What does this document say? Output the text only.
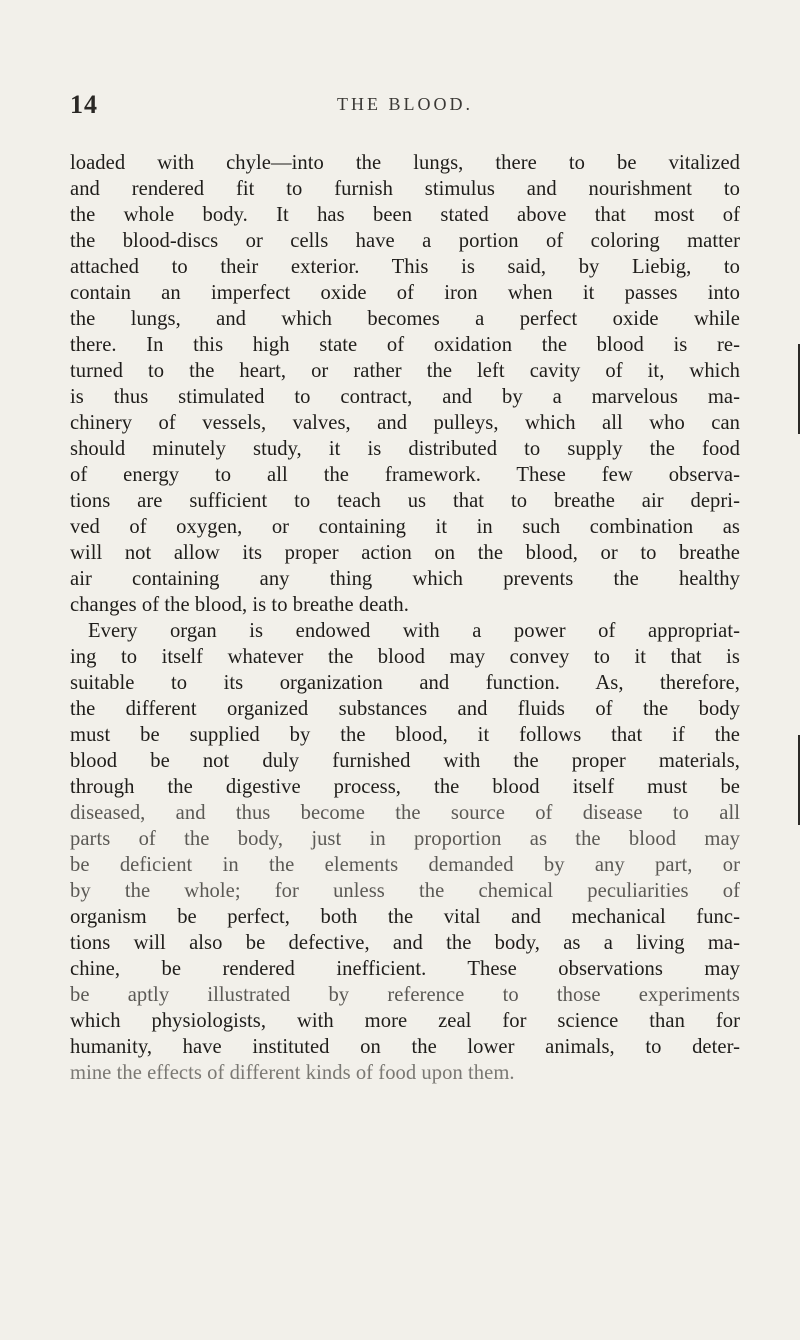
14	THE BLOOD.
loaded with chyle—into the lungs, there to be vitalized
and rendered fit to furnish stimulus and nourishment to
the whole body. It has been stated above that most of
the blood-discs or cells have a portion of coloring matter
attached to their exterior. This is said, by Liebig, to
contain an imperfect oxide of iron when it passes into
the lungs, and which becomes a perfect oxide while
there. In this high state of oxidation the blood is re-
turned to the heart, or rather the left cavity of it, which
is thus stimulated to contract, and by a marvelous ma-
chinery of vessels, valves, and pulleys, which all who can
should minutely study, it is distributed to supply the food
of energy to all the framework. These few observa-
tions are sufficient to teach us that to breathe air depri-
ved of oxygen, or containing it in such combination as
will not allow its proper action on the blood, or to breathe
air containing any thing which prevents the healthy
changes of the blood, is to breathe death.
Every organ is endowed with a power of appropriat-
ing to itself whatever the blood may convey to it that is
suitable to its organization and function. As, therefore,
the different organized substances and fluids of the body
must be supplied by the blood, it follows that if the
blood be not duly furnished with the proper materials,
through the digestive process, the blood itself must be
diseased, and thus become the source of disease to all
parts of the body, just in proportion as the blood may
be deficient in the elements demanded by any part, or
by the whole; for unless the chemical peculiarities of
organism be perfect, both the vital and mechanical func-
tions will also be defective, and the body, as a living ma-
chine, be rendered inefficient. These observations may
be aptly illustrated by reference to those experiments
which physiologists, with more zeal for science than for
humanity, have instituted on the lower animals, to deter-
mine the effects of different kinds of food upon them.
